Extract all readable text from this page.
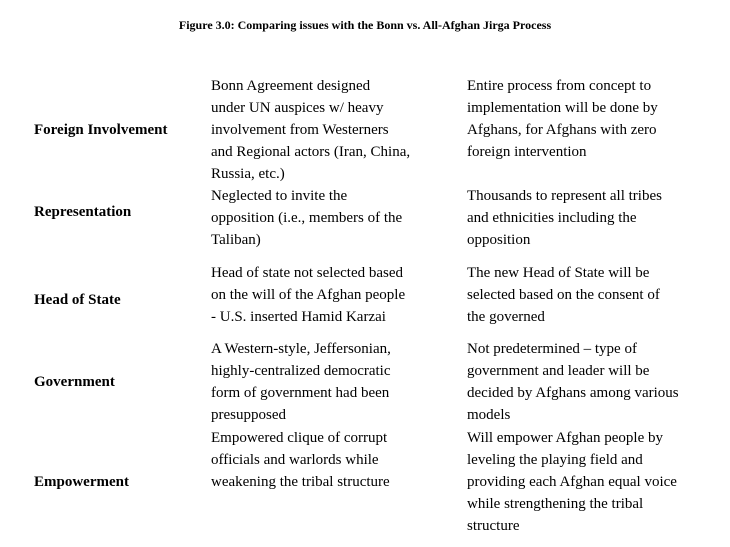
Figure 3.0: Comparing issues with the Bonn vs. All-Afghan Jirga Process
Foreign Involvement
Bonn Agreement designed
under UN auspices w/ heavy
involvement from Westerners
and Regional actors (Iran, China,
Russia, etc.)
Entire process from concept to
implementation will be done by
Afghans, for Afghans with zero
foreign intervention
Representation
Neglected to invite the
opposition (i.e., members of the
Taliban)
Thousands to represent all tribes
and ethnicities including the
opposition
Head of State
Head of state not selected based
on the will of the Afghan people
- U.S. inserted Hamid Karzai
The new Head of State will be
selected based on the consent of
the governed
Government
A Western-style, Jeffersonian,
highly-centralized democratic
form of government had been
presupposed
Not predetermined – type of
government and leader will be
decided by Afghans among various
models
Empowerment
Empowered clique of corrupt
officials and warlords while
weakening the tribal structure
Will empower Afghan people by
leveling the playing field and
providing each Afghan equal voice
while strengthening the tribal
structure
